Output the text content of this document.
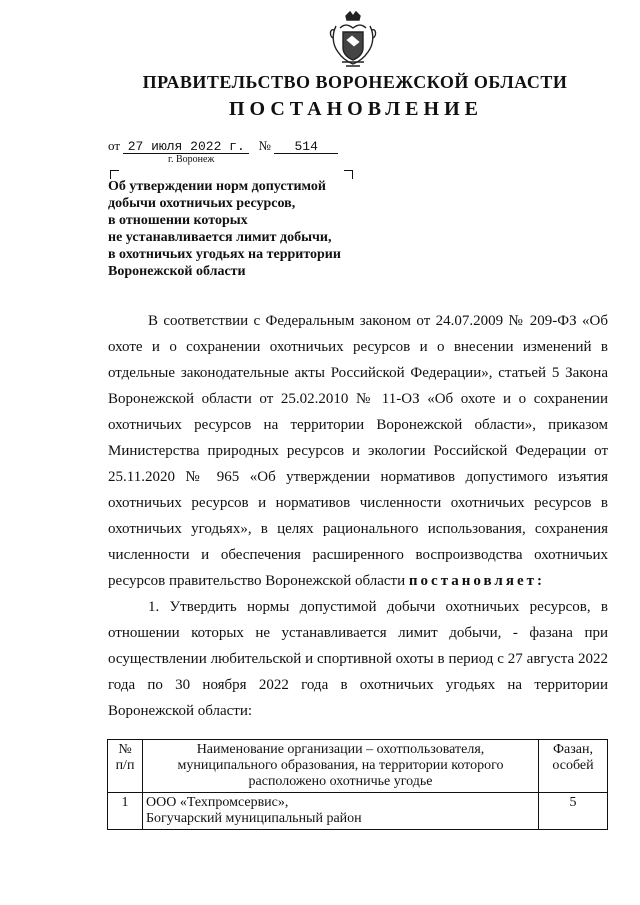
ПРАВИТЕЛЬСТВО ВОРОНЕЖСКОЙ ОБЛАСТИ
ПОСТАНОВЛЕНИЕ
от 27 июля 2022 г. № 514
г. Воронеж
Об утверждении норм допустимой
добычи охотничьих ресурсов,
в отношении которых
не устанавливается лимит добычи,
в охотничьих угодьях на территории
Воронежской области

В соответствии с Федеральным законом от 24.07.2009 № 209-ФЗ «Об охоте и о сохранении охотничьих ресурсов и о внесении изменений в отдельные законодательные акты Российской Федерации», статьей 5 Закона Воронежской области от 25.02.2010 № 11-ОЗ «Об охоте и о сохранении охотничьих ресурсов на территории Воронежской области», приказом Министерства природных ресурсов и экологии Российской Федерации от 25.11.2020 № 965 «Об утверждении нормативов допустимого изъятия охотничьих ресурсов и нормативов численности охотничьих ресурсов в охотничьих угодьях», в целях рационального использования, сохранения численности и обеспечения расширенного воспроизводства охотничьих ресурсов правительство Воронежской области постановляет:

1. Утвердить нормы допустимой добычи охотничьих ресурсов, в отношении которых не устанавливается лимит добычи, - фазана при осуществлении любительской и спортивной охоты в период с 27 августа 2022 года по 30 ноября 2022 года в охотничьих угодьях на территории Воронежской области:

№ п/п	Наименование организации – охотпользователя, муниципального образования, на территории которого расположено охотничье угодье	Фазан, особей
1	ООО «Техпромсервис»,
Богучарский муниципальный район	5
